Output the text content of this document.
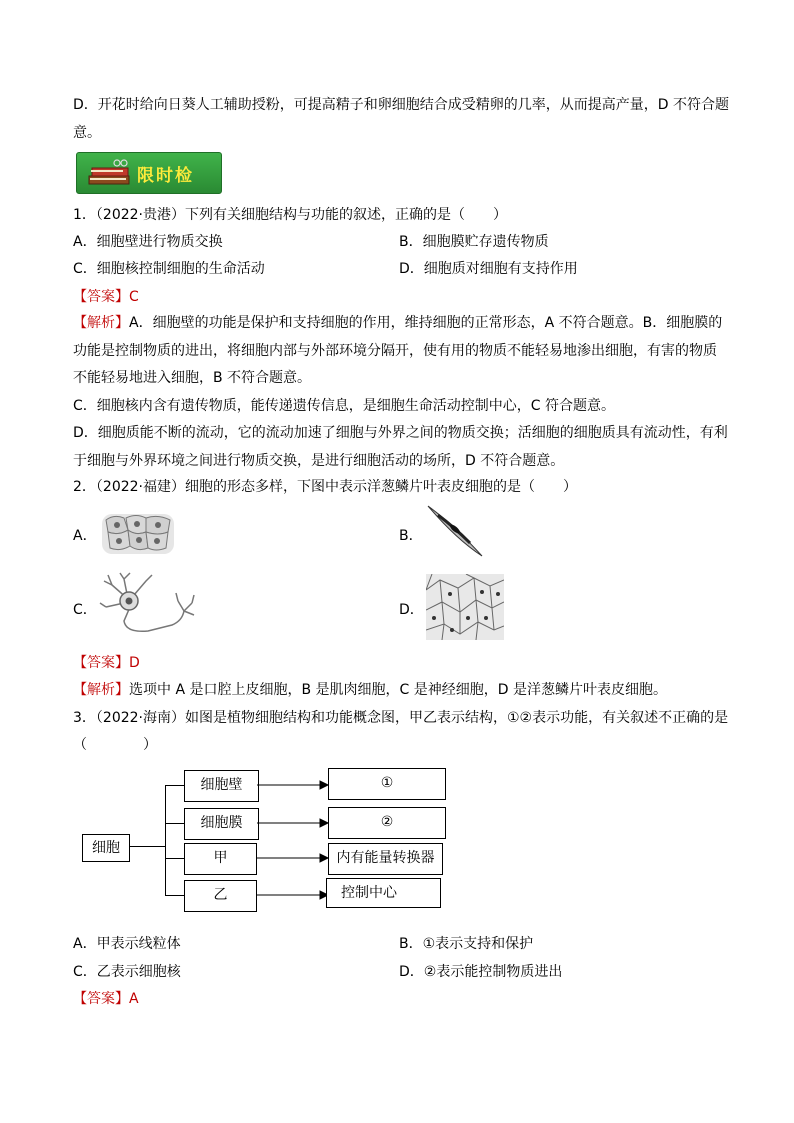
D．开花时给向日葵人工辅助授粉，可提高精子和卵细胞结合成受精卵的几率，从而提高产量，D 不符合题
意。
限时检
1．（2022·贵港）下列有关细胞结构与功能的叙述，正确的是（　　）
A．细胞壁进行物质交换	B．细胞膜贮存遗传物质
C．细胞核控制细胞的生命活动	D．细胞质对细胞有支持作用
【答案】C
【解析】A．细胞壁的功能是保护和支持细胞的作用，维持细胞的正常形态，A 不符合题意。B．细胞膜的
功能是控制物质的进出，将细胞内部与外部环境分隔开，使有用的物质不能轻易地渗出细胞，有害的物质
不能轻易地进入细胞，B 不符合题意。
C．细胞核内含有遗传物质，能传递遗传信息，是细胞生命活动控制中心，C 符合题意。
D．细胞质能不断的流动，它的流动加速了细胞与外界之间的物质交换；活细胞的细胞质具有流动性，有利
于细胞与外界环境之间进行物质交换，是进行细胞活动的场所，D 不符合题意。
2．（2022·福建）细胞的形态多样，下图中表示洋葱鳞片叶表皮细胞的是（　　）
A．	B．
C．	D．
【答案】D
【解析】选项中 A 是口腔上皮细胞，B 是肌肉细胞，C 是神经细胞，D 是洋葱鳞片叶表皮细胞。
3．（2022·海南）如图是植物细胞结构和功能概念图，甲乙表示结构，①②表示功能，有关叙述不正确的是
（　　　　）
细胞
细胞壁
细胞膜
甲
乙
①
②
内有能量转换器
控制中心
A．甲表示线粒体	B．①表示支持和保护
C．乙表示细胞核	D．②表示能控制物质进出
【答案】A
